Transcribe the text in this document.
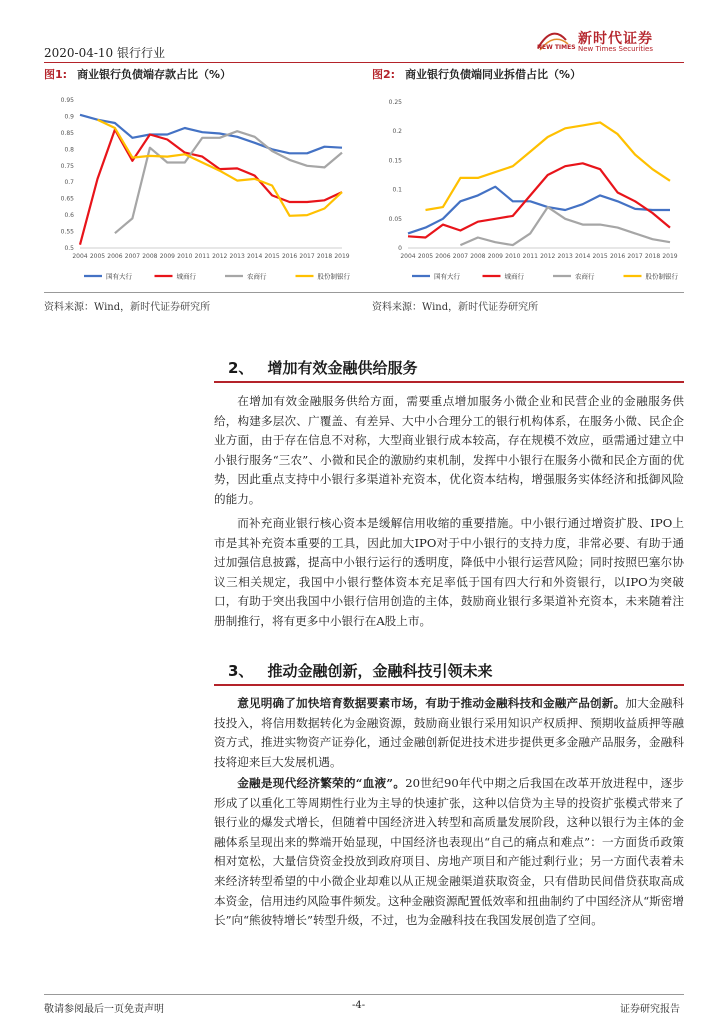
2020-04-10 银行行业	NEW TIMES
新时代证券
New Times Securities
图1: 商业银行负债端存款占比（%）
0.5
0.55
0.6
0.65
0.7
0.75
0.8
0.85
0.9
0.95
2004 2005 2006 2007 2008 2009 2010 2011 2012 2013 2014 2015 2016 2017 2018 2019
国有大行	城商行	农商行	股份制银行
资料来源：Wind，新时代证券研究所
图2: 商业银行负债端同业拆借占比（%）
0
0.05
0.1
0.15
0.2
0.25
2004 2005 2006 2007 2008 2009 2010 2011 2012 2013 2014 2015 2016 2017 2018 2019
国有大行	城商行	农商行	股份制银行
资料来源：Wind，新时代证券研究所
2、 增加有效金融供给服务
在增加有效金融服务供给方面，需要重点增加服务小微企业和民营企业的金融服务供给，构建多层次、广覆盖、有差异、大中小合理分工的银行机构体系，在服务小微、民企企业方面，由于存在信息不对称，大型商业银行成本较高，存在规模不效应，亟需通过建立中小银行服务“三农”、小微和民企的激励约束机制，发挥中小银行在服务小微和民企方面的优势，因此重点支持中小银行多渠道补充资本，优化资本结构，增强服务实体经济和抵御风险的能力。
而补充商业银行核心资本是缓解信用收缩的重要措施。中小银行通过增资扩股、IPO上市是其补充资本重要的工具，因此加大IPO对于中小银行的支持力度，非常必要、有助于通过加强信息披露，提高中小银行运行的透明度，降低中小银行运营风险；同时按照巴塞尔协议三相关规定，我国中小银行整体资本充足率低于国有四大行和外资银行，以IPO为突破口，有助于突出我国中小银行信用创造的主体，鼓励商业银行多渠道补充资本，未来随着注册制推行，将有更多中小银行在A股上市。
3、 推动金融创新，金融科技引领未来
意见明确了加快培育数据要素市场，有助于推动金融科技和金融产品创新。加大金融科技投入，将信用数据转化为金融资源，鼓励商业银行采用知识产权质押、预期收益质押等融资方式，推进实物资产证券化，通过金融创新促进技术进步提供更多金融产品服务，金融科技将迎来巨大发展机遇。
金融是现代经济繁荣的“血液”。20世纪90年代中期之后我国在改革开放进程中，逐步形成了以重化工等周期性行业为主导的快速扩张，这种以信贷为主导的投资扩张模式带来了银行业的爆发式增长，但随着中国经济进入转型和高质量发展阶段，这种以银行为主体的金融体系呈现出来的弊端开始显现，中国经济也表现出“自己的痛点和难点”：一方面货币政策相对宽松，大量信贷资金投放到政府项目、房地产项目和产能过剩行业；另一方面代表着未来经济转型希望的中小微企业却难以从正规金融渠道获取资金，只有借助民间借贷获取高成本资金，信用违约风险事件频发。这种金融资源配置低效率和扭曲制约了中国经济从“斯密增长”向“熊彼特增长”转型升级，不过，也为金融科技在我国发展创造了空间。
敬请参阅最后一页免责声明	-4-	证券研究报告
